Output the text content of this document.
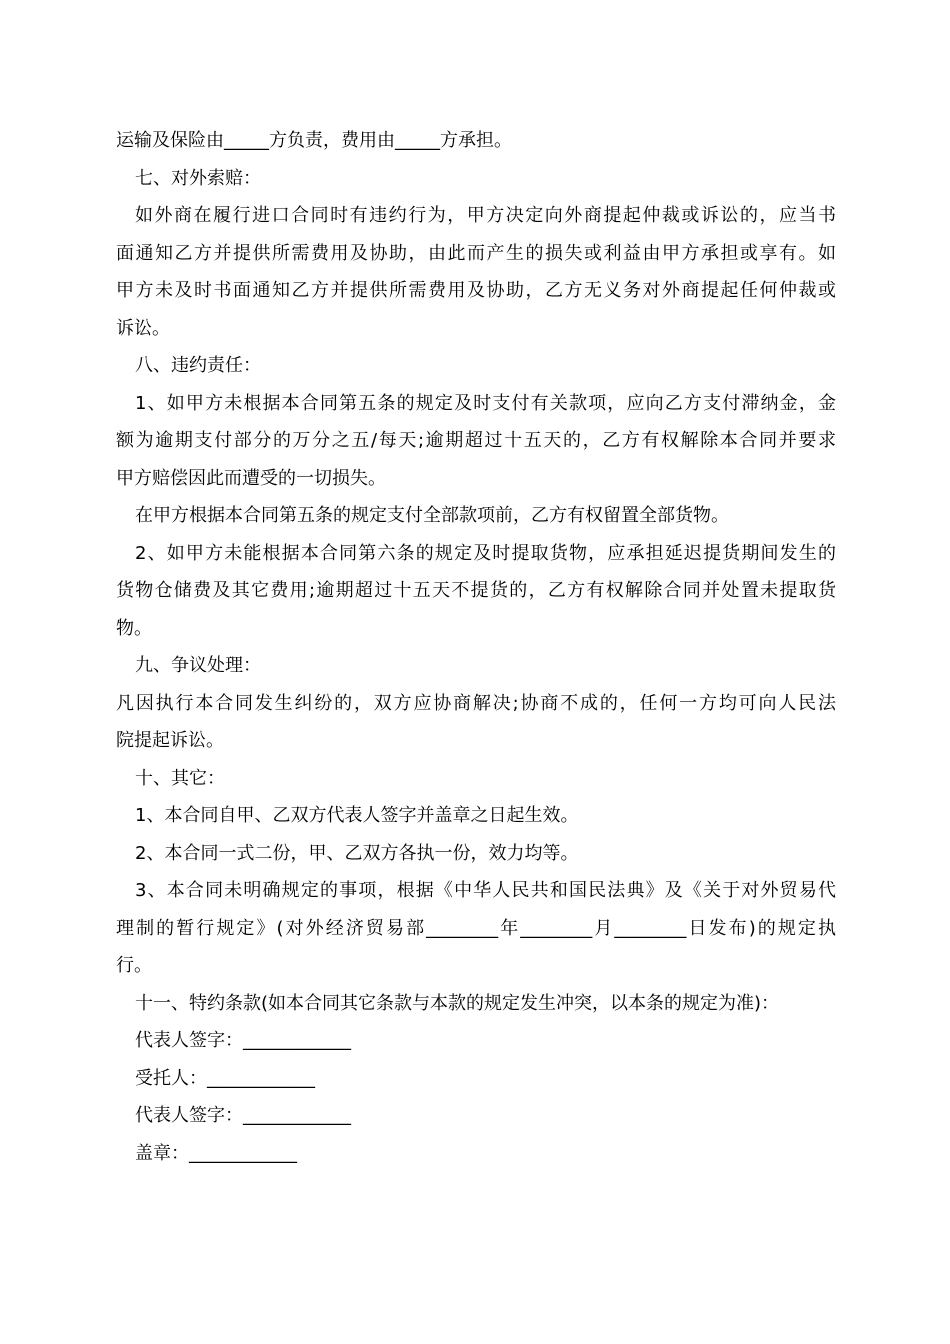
运输及保险由_____方负责，费用由_____方承担。
七、对外索赔：
如外商在履行进口合同时有违约行为，甲方决定向外商提起仲裁或诉讼的，应当书
面通知乙方并提供所需费用及协助，由此而产生的损失或利益由甲方承担或享有。如
甲方未及时书面通知乙方并提供所需费用及协助，乙方无义务对外商提起任何仲裁或
诉讼。
八、违约责任：
1、如甲方未根据本合同第五条的规定及时支付有关款项，应向乙方支付滞纳金，金
额为逾期支付部分的万分之五/每天;逾期超过十五天的，乙方有权解除本合同并要求
甲方赔偿因此而遭受的一切损失。
在甲方根据本合同第五条的规定支付全部款项前，乙方有权留置全部货物。
2、如甲方未能根据本合同第六条的规定及时提取货物，应承担延迟提货期间发生的
货物仓储费及其它费用;逾期超过十五天不提货的，乙方有权解除合同并处置未提取货
物。
九、争议处理：
凡因执行本合同发生纠纷的，双方应协商解决;协商不成的，任何一方均可向人民法
院提起诉讼。
十、其它：
1、本合同自甲、乙双方代表人签字并盖章之日起生效。
2、本合同一式二份，甲、乙双方各执一份，效力均等。
3、本合同未明确规定的事项，根据《中华人民共和国民法典》及《关于对外贸易代
理制的暂行规定》(对外经济贸易部________年________月________日发布)的规定执
行。
十一、特约条款(如本合同其它条款与本款的规定发生冲突，以本条的规定为准)：
代表人签字：____________
受托人：____________
代表人签字：____________
盖章：____________
